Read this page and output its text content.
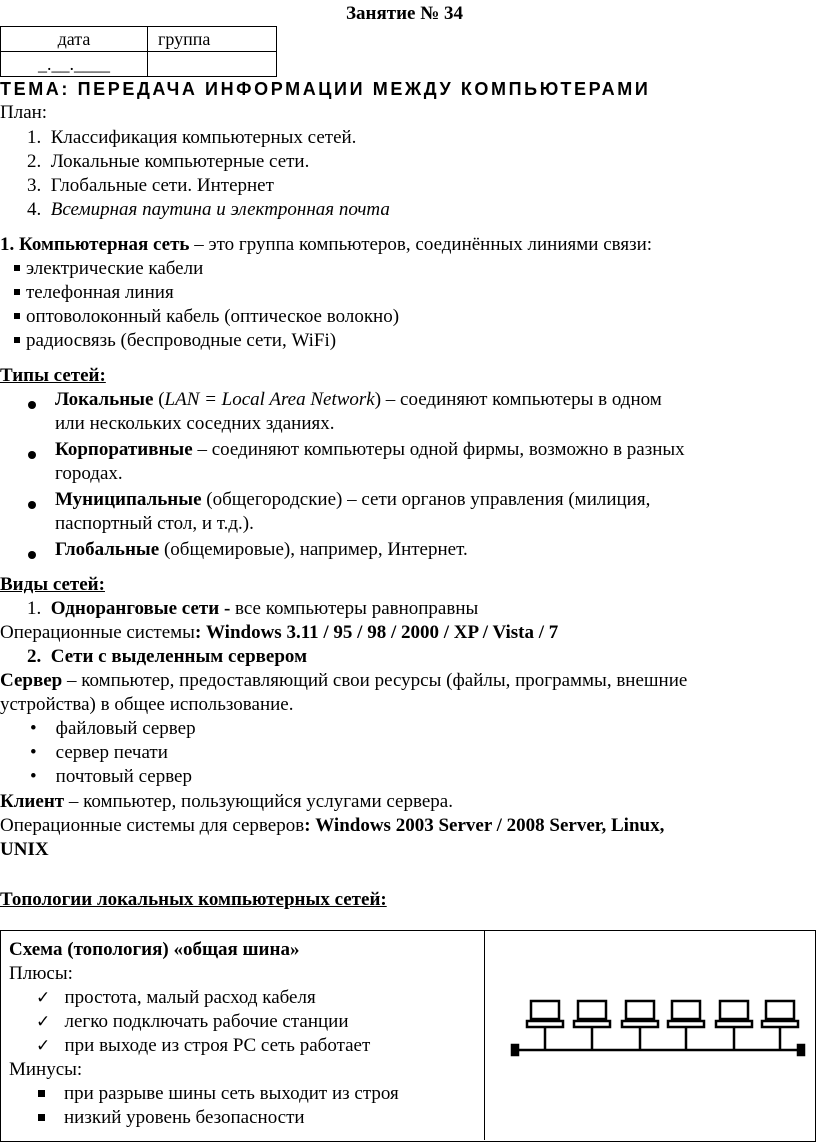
Занятие № 34
дата	группа
_.__.____	
ТЕМА: ПЕРЕДАЧА ИНФОРМАЦИИ МЕЖДУ КОМПЬЮТЕРАМИ
План:
1. Классификация компьютерных сетей.
2. Локальные компьютерные сети.
3. Глобальные сети. Интернет
4. Всемирная паутина и электронная почта
1. Компьютерная сеть – это группа компьютеров, соединённых линиями связи:
электрические кабели
телефонная линия
оптоволоконный кабель (оптическое волокно)
радиосвязь (беспроводные сети, WiFi)
Типы сетей:
Локальные (LAN = Local Area Network) – соединяют компьютеры в одном
или нескольких соседних зданиях.
Корпоративные – соединяют компьютеры одной фирмы, возможно в разных
городах.
Муниципальные (общегородские) – сети органов управления (милиция,
паспортный стол, и т.д.).
Глобальные (общемировые), например, Интернет.
Виды сетей:
1. Одноранговые сети - все компьютеры равноправны
Операционные системы: Windows 3.11 / 95 / 98 / 2000 / XP / Vista / 7
2. Сети с выделенным сервером
Сервер – компьютер, предоставляющий свои ресурсы (файлы, программы, внешние
устройства) в общее использование.
• файловый сервер
• сервер печати
• почтовый сервер
Клиент – компьютер, пользующийся услугами сервера.
Операционные системы для серверов: Windows 2003 Server / 2008 Server, Linux,
UNIX
Топологии локальных компьютерных сетей:
Схема (топология) «общая шина»
Плюсы:
✓ простота, малый расход кабеля
✓ легко подключать рабочие станции
✓ при выходе из строя PC сеть работает
Минусы:
при разрыве шины сеть выходит из строя
низкий уровень безопасности
